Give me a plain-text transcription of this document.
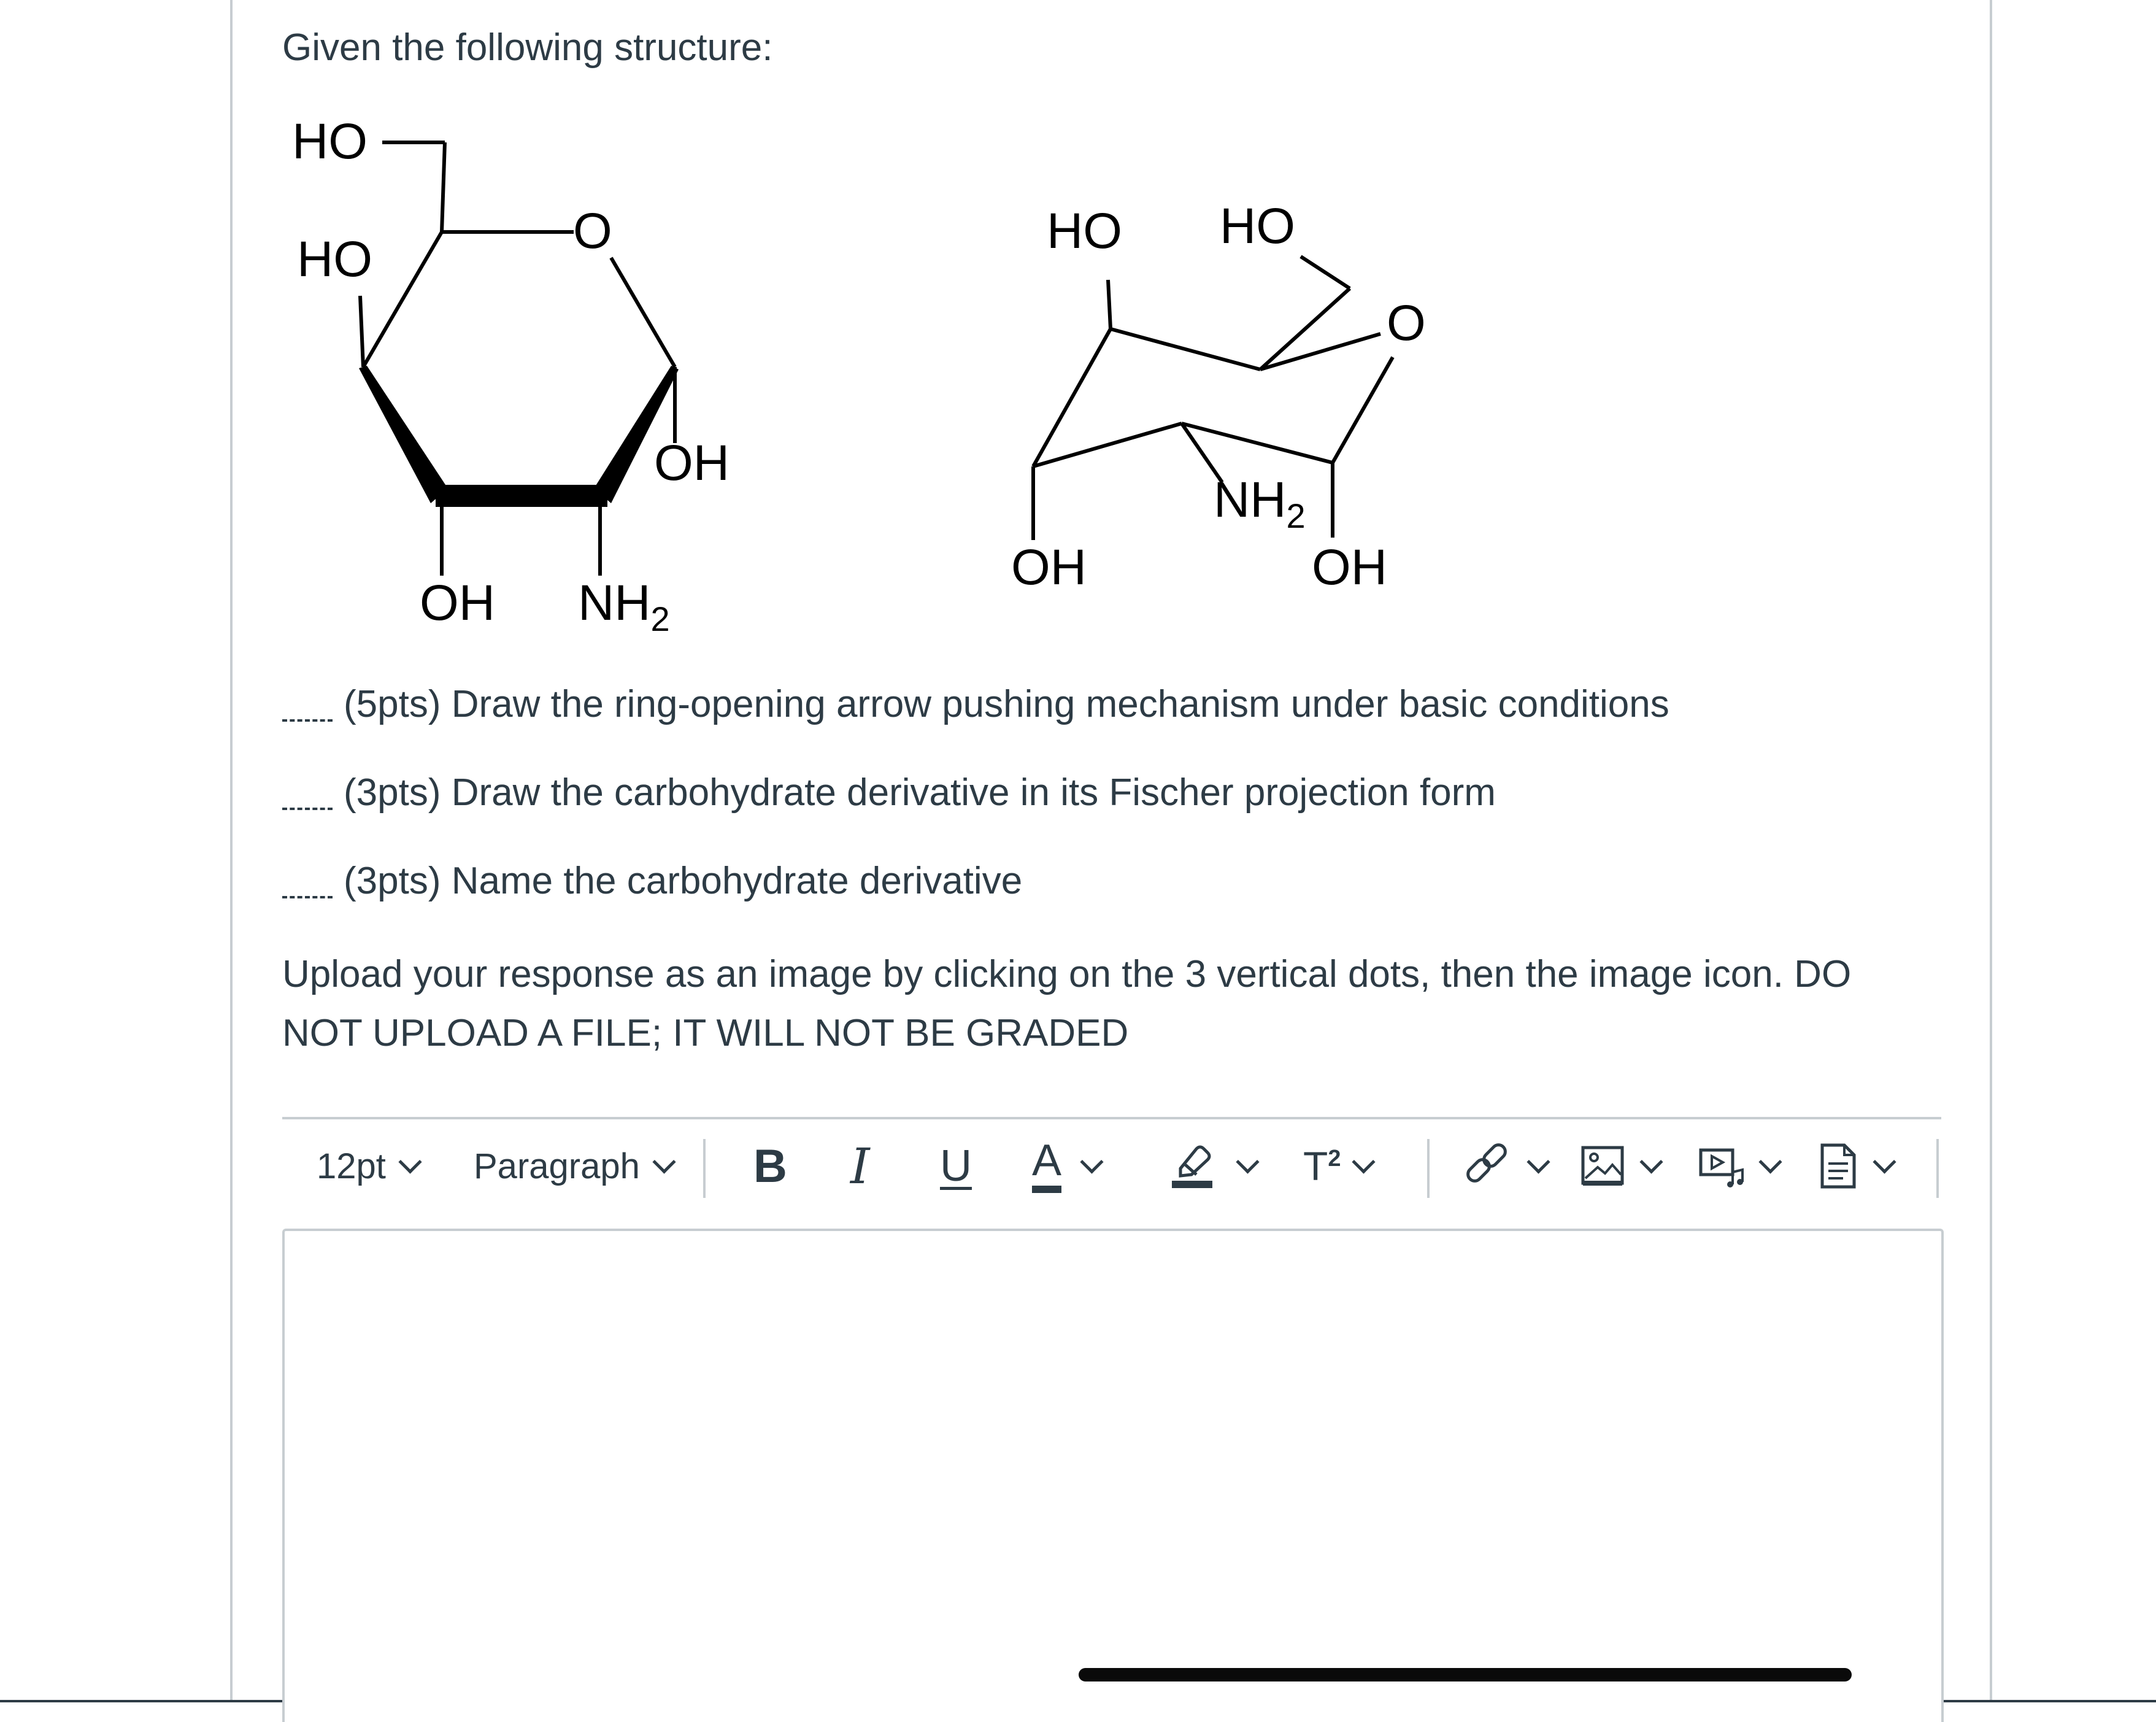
Given the following structure:
HO
HO
O
OH
OH $NH_2$
HO HO
O
$NH_2$
OH	OH
(5pts) Draw the ring-opening arrow pushing mechanism under basic conditions
(3pts) Draw the carbohydrate derivative in its Fischer projection form
(3pts) Name the carbohydrate derivative
Upload your response as an image by clicking on the 3 vertical dots, then the image icon. DO NOT UPLOAD A FILE; IT WILL NOT BE GRADED
12pt Paragraph B I U A	$T^2$
